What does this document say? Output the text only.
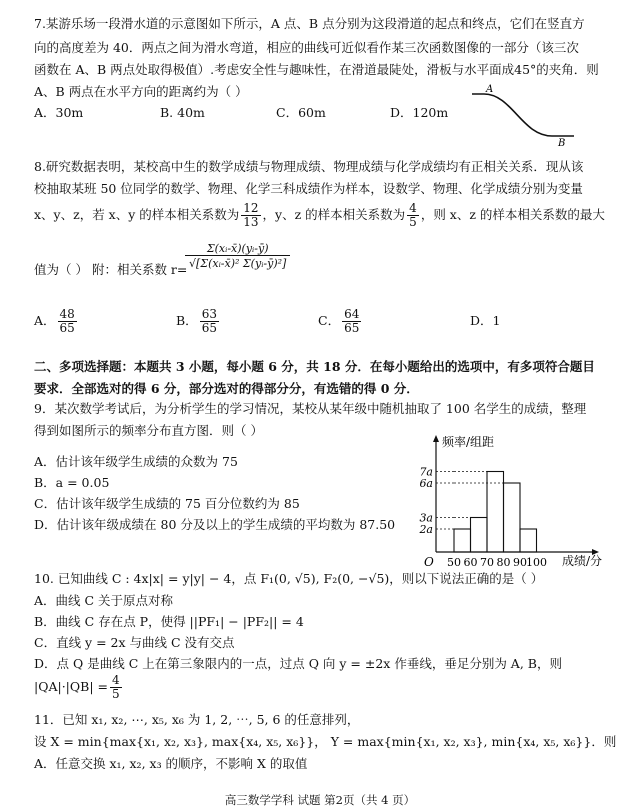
7.某游乐场一段滑水道的示意图如下所示，A 点、B 点分别为这段滑道的起点和终点，它们在竖直方
向的高度差为 40．两点之间为滑水弯道，相应的曲线可近似看作某三次函数图像的一部分（该三次
函数在 A、B 两点处取得极值）.考虑安全性与趣味性，在滑道最陡处，滑板与水平面成45°的夹角．则
A、B 两点在水平方向的距离约为（ ）
A．30m	B. 40m	C．60m	D．120m
A
B
8.研究数据表明，某校高中生的数学成绩与物理成绩、物理成绩与化学成绩均有正相关关系．现从该
校抽取某班 50 位同学的数学、物理、化学三科成绩作为样本，设数学、物理、化学成绩分别为变量
x、y、z，若 x、y 的样本相关系数为 $\frac{12}{13}$ ，y、z 的样本相关系数为 $\frac{4}{5}$ ，则 x、z 的样本相关系数的最大
值为（ ） 附：相关系数 r=
$\frac{\text{Σ(xᵢ-x̄)(yᵢ-ȳ)}}{\text{√[Σ(xᵢ-x̄)² Σ(yᵢ-ȳ)²]}}$
A． $\frac{48}{65}$	B． $\frac{63}{65}$	C． $\frac{64}{65}$	D．1
二、多项选择题：本题共 3 小题，每小题 6 分，共 18 分．在每小题给出的选项中，有多项符合题目
要求．全部选对的得 6 分，部分选对的得部分分，有选错的得 0 分．
9．某次数学考试后，为分析学生的学习情况，某校从某年级中随机抽取了 100 名学生的成绩，整理
得到如图所示的频率分布直方图．则（ ）
A．估计该年级学生成绩的众数为 75
B．a = 0.05
C．估计该年级学生成绩的 75 百分位数约为 85
D．估计该年级成绩在 80 分及以上的学生成绩的平均数为 87.50 2a
3a
6a
7a
50 60 70 80 90 100
频率/组距
成绩/分
O
10. 已知曲线 C : 4x|x| = y|y| − 4，点 F₁(0, √5), F₂(0, −√5)，则以下说法正确的是（ ）
A．曲线 C 关于原点对称
B．曲线 C 存在点 P，使得 ||PF₁| − |PF₂|| = 4
C．直线 y = 2x 与曲线 C 没有交点
D．点 Q 是曲线 C 上在第三象限内的一点，过点 Q 向 y = ±2x 作垂线，垂足分别为 A, B，则
$|QA|\cdot|QB| = \frac{4}{5}$
11．已知 x₁, x₂, ⋯, x₅, x₆ 为 1, 2, ⋯, 5, 6 的任意排列，
设 X = min{max{x₁, x₂, x₃}, max{x₄, x₅, x₆}}， Y = max{min{x₁, x₂, x₃}, min{x₄, x₅, x₆}}．则
A．任意交换 x₁, x₂, x₃ 的顺序，不影响 X 的取值
高三数学学科 试题 第2页（共 4 页）
